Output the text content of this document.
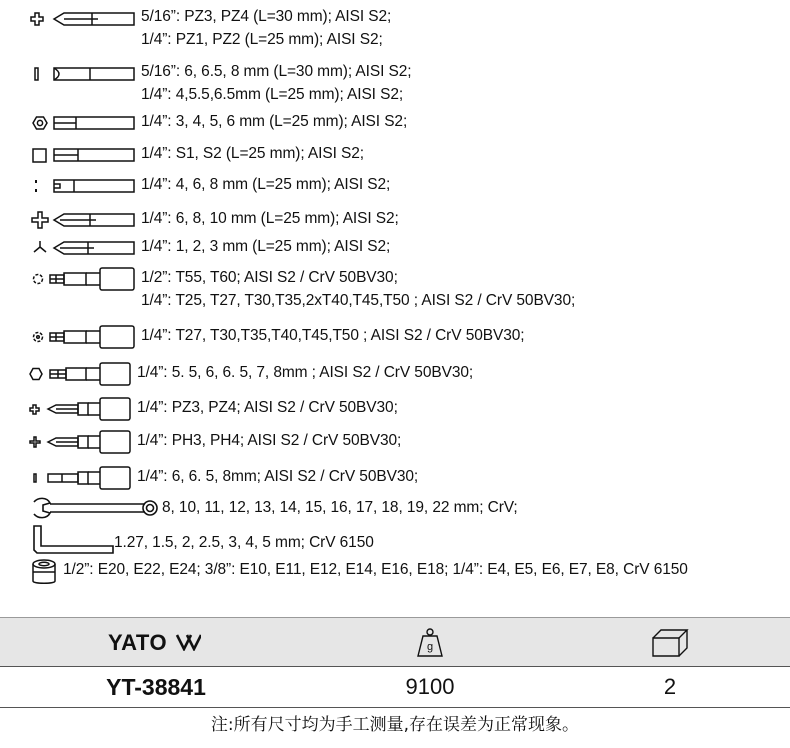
5/16”: PZ3, PZ4 (L=30 mm); AISI S2;
1/4”: PZ1, PZ2 (L=25 mm); AISI S2;
5/16”: 6, 6.5, 8 mm (L=30 mm); AISI S2;
1/4”: 4,5.5,6.5mm (L=25 mm); AISI S2;
1/4”: 3, 4, 5, 6 mm (L=25 mm); AISI S2;
1/4”: S1, S2 (L=25 mm); AISI S2;
1/4”: 4, 6, 8 mm (L=25 mm); AISI S2;
1/4”: 6, 8, 10 mm (L=25 mm); AISI S2;
1/4”: 1, 2, 3 mm (L=25 mm); AISI S2;
1/2”: T55, T60; AISI S2 / CrV 50BV30;
1/4”: T25, T27, T30,T35,2xT40,T45,T50 ; AISI S2 / CrV 50BV30;
1/4”: T27, T30,T35,T40,T45,T50 ; AISI S2 / CrV 50BV30;
1/4”: 5. 5, 6, 6. 5, 7, 8mm ; AISI S2 / CrV 50BV30;
1/4”: PZ3, PZ4; AISI S2 / CrV 50BV30;
1/4”: PH3, PH4; AISI S2 / CrV 50BV30;
1/4”: 6, 6. 5, 8mm; AISI S2 / CrV 50BV30;
8, 10, 11, 12, 13, 14, 15, 16, 17, 18, 19, 22 mm; CrV;
1.27, 1.5, 2, 2.5, 3, 4, 5 mm; CrV 6150
1/2”: E20, E22, E24; 3/8”: E10, E11, E12, E14, E16, E18; 1/4”: E4, E5, E6, E7, E8, CrV 6150
YATO	g
YT-38841	9100	2
注:所有尺寸均为手工测量,存在误差为正常现象。
